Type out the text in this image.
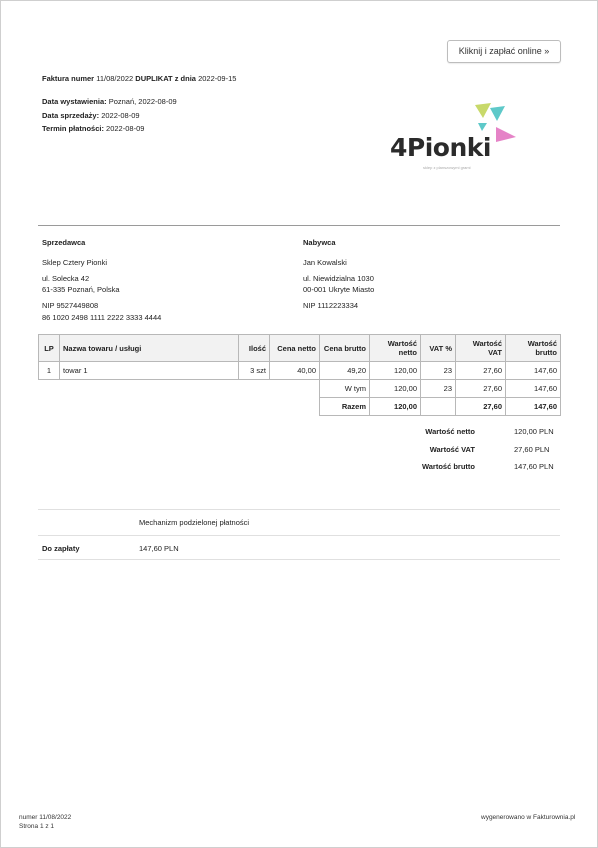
Kliknij i zapłać online »
Faktura numer 11/08/2022 DUPLIKAT z dnia 2022-09-15
Data wystawienia: Poznań, 2022-08-09
Data sprzedaży: 2022-08-09
Termin płatności: 2022-08-09
4Pionki
sklep z planszowymi grami
Sprzedawca
Sklep Cztery Pionki
ul. Solecka 42
61-335 Poznań, Polska
NIP 9527449808
Nabywca
Jan Kowalski
ul. Niewidzialna 1030
00-001 Ukryte Miasto
NIP 1112223334
86 1020 2498 1111 2222 3333 4444
LP	Nazwa towaru / usługi	Ilość	Cena netto	Cena brutto	Wartość netto	VAT %	Wartość VAT	Wartość brutto
1	towar 1	3 szt	40,00	49,20	120,00	23	27,60	147,60
				W tym	120,00	23	27,60	147,60
				Razem	120,00		27,60	147,60
Wartość netto	120,00 PLN
Wartość VAT	27,60 PLN
Wartość brutto	147,60 PLN
Mechanizm podzielonej płatności
Do zapłaty	147,60 PLN
numer 11/08/2022
Strona 1 z 1
wygenerowano w Fakturownia.pl
